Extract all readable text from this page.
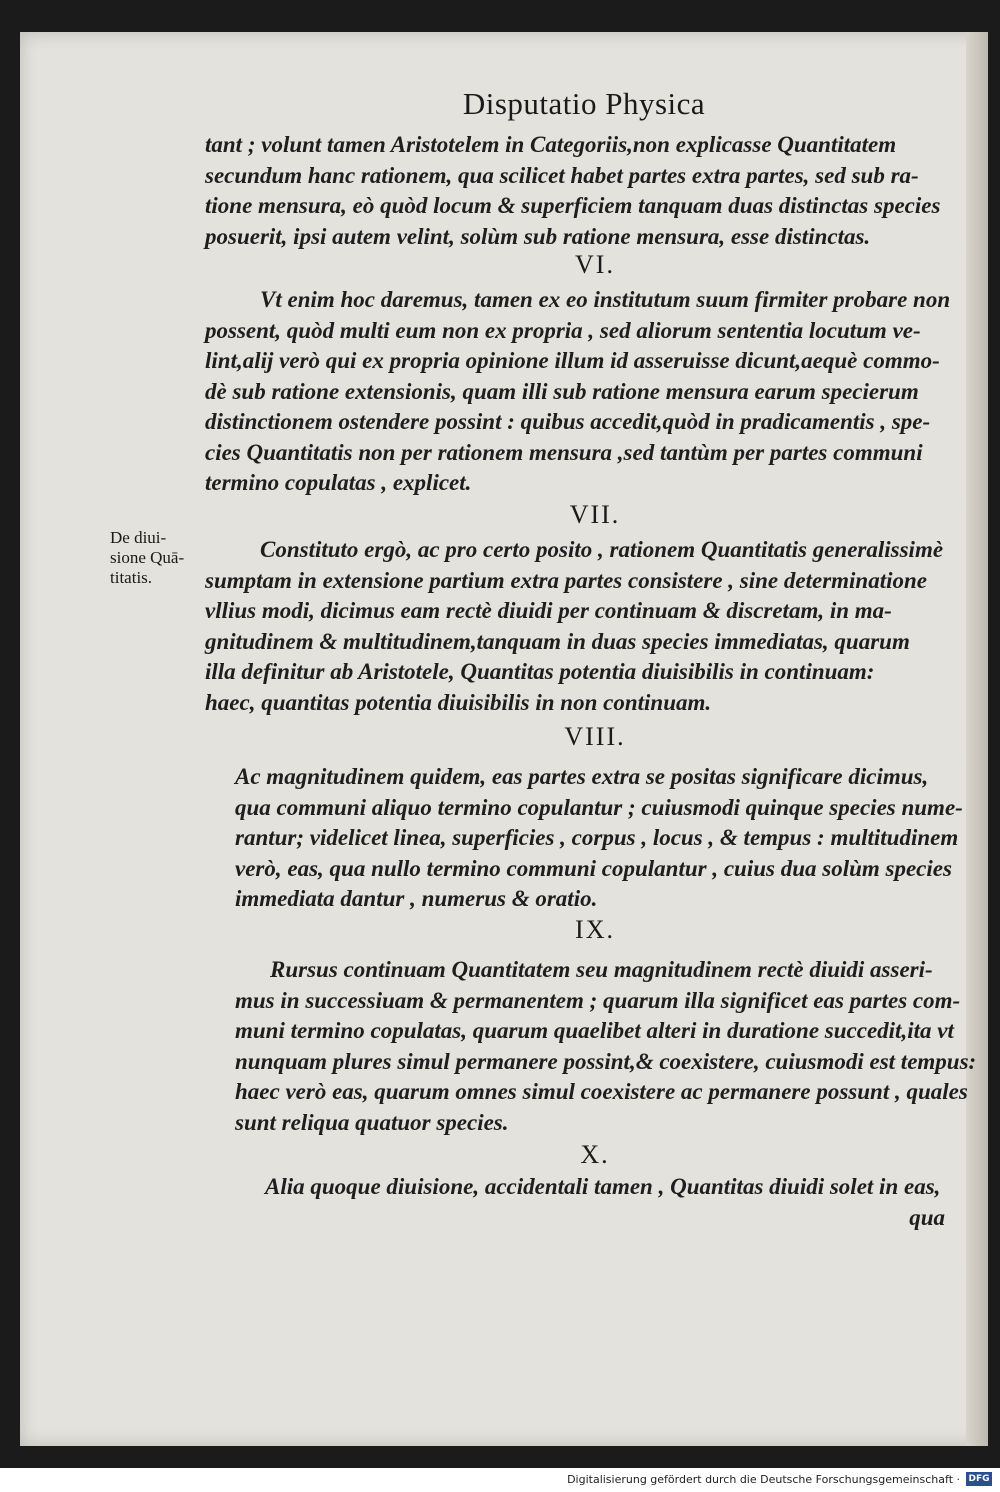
Disputatio Physica
tant ; volunt tamen Aristotelem in Categoriis,non explicasse Quantitatem
secundum hanc rationem, qua scilicet habet partes extra partes, sed sub ra-
tione mensura, eò quòd locum & superficiem tanquam duas distinctas species
posuerit, ipsi autem velint, solùm sub ratione mensura, esse distinctas.
VI.
Vt enim hoc daremus, tamen ex eo institutum suum firmiter probare non
possent, quòd multi eum non ex propria , sed aliorum sententia locutum ve-
lint,alij verò qui ex propria opinione illum id asseruisse dicunt,aequè commo-
dè sub ratione extensionis, quam illi sub ratione mensura earum specierum
distinctionem ostendere possint : quibus accedit,quòd in pradicamentis , spe-
cies Quantitatis non per rationem mensura ,sed tantùm per partes communi
termino copulatas , explicet.
VII.
De diui-
sione Quā-
titatis.
Constituto ergò, ac pro certo posito , rationem Quantitatis generalissimè
sumptam in extensione partium extra partes consistere , sine determinatione
vllius modi, dicimus eam rectè diuidi per continuam & discretam, in ma-
gnitudinem & multitudinem,tanquam in duas species immediatas, quarum
illa definitur ab Aristotele, Quantitas potentia diuisibilis in continuam:
haec, quantitas potentia diuisibilis in non continuam.
VIII.
Ac magnitudinem quidem, eas partes extra se positas significare dicimus,
qua communi aliquo termino copulantur ; cuiusmodi quinque species nume-
rantur; videlicet linea, superficies , corpus , locus , & tempus : multitudinem
verò, eas, qua nullo termino communi copulantur , cuius dua solùm species
immediata dantur , numerus & oratio.
IX.
Rursus continuam Quantitatem seu magnitudinem rectè diuidi asseri-
mus in successiuam & permanentem ; quarum illa significet eas partes com-
muni termino copulatas, quarum quaelibet alteri in duratione succedit,ita vt
nunquam plures simul permanere possint,& coexistere, cuiusmodi est tempus:
haec verò eas, quarum omnes simul coexistere ac permanere possunt , quales
sunt reliqua quatuor species.
X.
Alia quoque diuisione, accidentali tamen , Quantitas diuidi solet in eas,
qua
Digitalisierung gefördert durch die Deutsche Forschungsgemeinschaft · DFG
